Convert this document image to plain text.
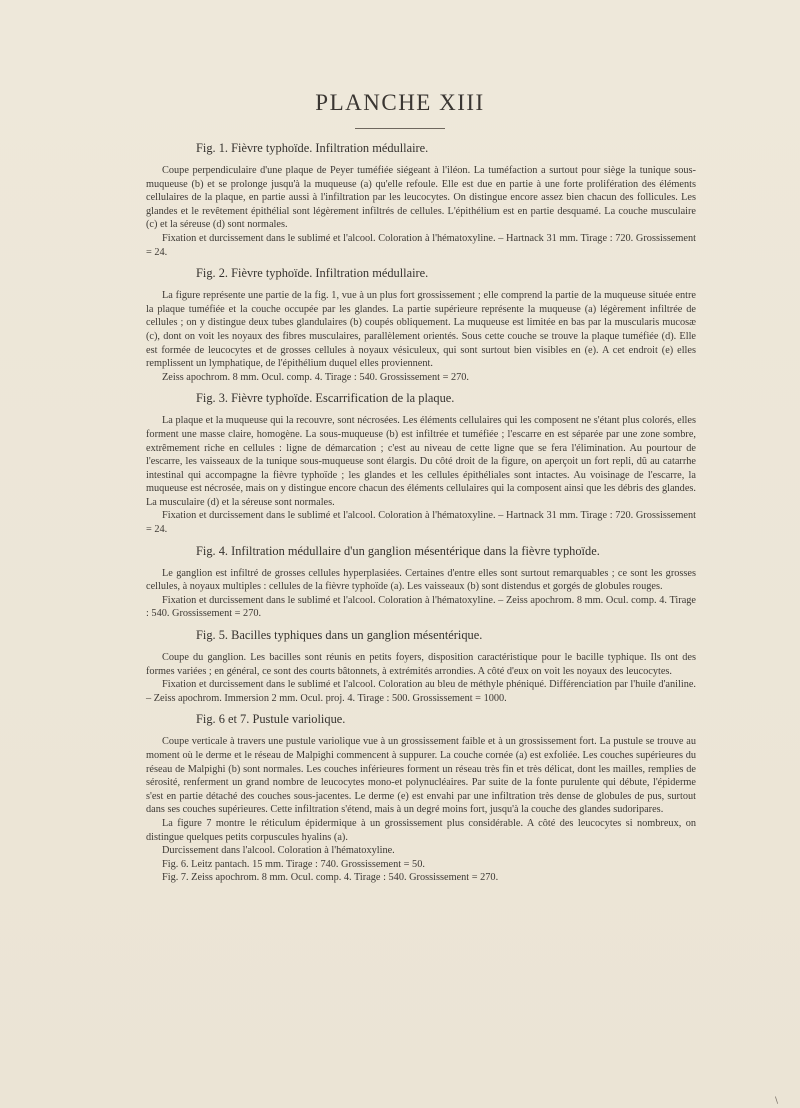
PLANCHE XIII
Fig. 1. Fièvre typhoïde. Infiltration médullaire.

Coupe perpendiculaire d'une plaque de Peyer tuméfiée siégeant à l'iléon. La tuméfaction a surtout pour siège la tunique sous-muqueuse (b) et se prolonge jusqu'à la muqueuse (a) qu'elle refoule. Elle est due en partie à une forte prolifération des éléments cellulaires de la plaque, en partie aussi à l'infiltration par les leucocytes. On distingue encore assez bien chacun des follicules. Les glandes et le revêtement épithélial sont légèrement infiltrés de cellules. L'épithélium est en partie desquamé. La couche musculaire (c) et la séreuse (d) sont normales.

Fixation et durcissement dans le sublimé et l'alcool. Coloration à l'hématoxyline. – Hartnack 31 mm. Tirage : 720. Grossissement = 24.

Fig. 2. Fièvre typhoïde. Infiltration médullaire.

La figure représente une partie de la fig. 1, vue à un plus fort grossissement ; elle comprend la partie de la muqueuse située entre la plaque tuméfiée et la couche occupée par les glandes. La partie supérieure représente la muqueuse (a) légèrement infiltrée de cellules ; on y distingue deux tubes glandulaires (b) coupés obliquement. La muqueuse est limitée en bas par la muscularis mucosæ (c), dont on voit les noyaux des fibres musculaires, parallèlement orientés. Sous cette couche se trouve la plaque tuméfiée (d). Elle est formée de leucocytes et de grosses cellules à noyaux vésiculeux, qui sont surtout bien visibles en (e). A cet endroit (e) elles remplissent un lymphatique, de l'épithélium duquel elles proviennent.

Zeiss apochrom. 8 mm. Ocul. comp. 4. Tirage : 540. Grossissement = 270.

Fig. 3. Fièvre typhoïde. Escarrification de la plaque.

La plaque et la muqueuse qui la recouvre, sont nécrosées. Les éléments cellulaires qui les composent ne s'étant plus colorés, elles forment une masse claire, homogène. La sous-muqueuse (b) est infiltrée et tuméfiée ; l'escarre en est séparée par une zone sombre, extrêmement riche en cellules : ligne de démarcation ; c'est au niveau de cette ligne que se fera l'élimination. Au pourtour de l'escarre, les vaisseaux de la tunique sous-muqueuse sont élargis. Du côté droit de la figure, on aperçoit un fort repli, dû au catarrhe intestinal qui accompagne la fièvre typhoïde ; les glandes et les cellules épithéliales sont intactes. Au voisinage de l'escarre, la muqueuse est nécrosée, mais on y distingue encore chacun des éléments cellulaires qui la composent ainsi que les débris des glandes. La musculaire (d) et la séreuse sont normales.

Fixation et durcissement dans le sublimé et l'alcool. Coloration à l'hématoxyline. – Hartnack 31 mm. Tirage : 720. Grossissement = 24.

Fig. 4. Infiltration médullaire d'un ganglion mésentérique dans la fièvre typhoïde.

Le ganglion est infiltré de grosses cellules hyperplasiées. Certaines d'entre elles sont surtout remarquables ; ce sont les grosses cellules, à noyaux multiples : cellules de la fièvre typhoïde (a). Les vaisseaux (b) sont distendus et gorgés de globules rouges.

Fixation et durcissement dans le sublimé et l'alcool. Coloration à l'hématoxyline. – Zeiss apochrom. 8 mm. Ocul. comp. 4. Tirage : 540. Grossissement = 270.

Fig. 5. Bacilles typhiques dans un ganglion mésentérique.

Coupe du ganglion. Les bacilles sont réunis en petits foyers, disposition caractéristique pour le bacille typhique. Ils ont des formes variées ; en général, ce sont des courts bâtonnets, à extrémités arrondies. A côté d'eux on voit les noyaux des leucocytes.

Fixation et durcissement dans le sublimé et l'alcool. Coloration au bleu de méthyle phéniqué. Différenciation par l'huile d'aniline. – Zeiss apochrom. Immersion 2 mm. Ocul. proj. 4. Tirage : 500. Grossissement = 1000.

Fig. 6 et 7. Pustule variolique.

Coupe verticale à travers une pustule variolique vue à un grossissement faible et à un grossissement fort. La pustule se trouve au moment où le derme et le réseau de Malpighi commencent à suppurer. La couche cornée (a) est exfoliée. Les couches supérieures du réseau de Malpighi (b) sont normales. Les couches inférieures forment un réseau très fin et très délicat, dont les mailles, remplies de sérosité, renferment un grand nombre de leucocytes mono-et polynucléaires. Par suite de la fonte purulente qui débute, l'épiderme s'est en partie détaché des couches sous-jacentes. Le derme (e) est envahi par une infiltration très dense de globules de pus, surtout dans ses couches supérieures. Cette infiltration s'étend, mais à un degré moins fort, jusqu'à la couche des glandes sudoripares.

La figure 7 montre le réticulum épidermique à un grossissement plus considérable. A côté des leucocytes si nombreux, on distingue quelques petits corpuscules hyalins (a).

Durcissement dans l'alcool. Coloration à l'hématoxyline.

Fig. 6. Leitz pantach. 15 mm. Tirage : 740. Grossissement = 50.

Fig. 7. Zeiss apochrom. 8 mm. Ocul. comp. 4. Tirage : 540. Grossissement = 270.

\
